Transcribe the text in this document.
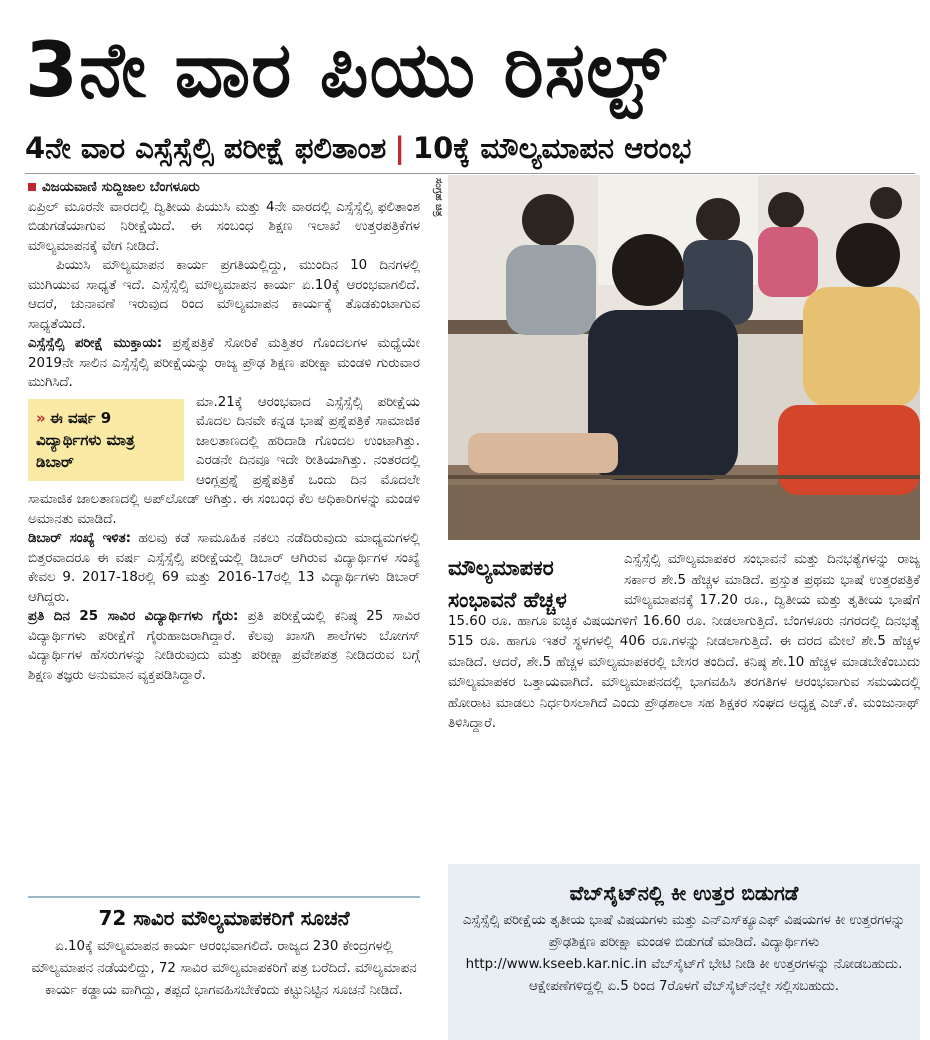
3ನೇ ವಾರ ಪಿಯು ರಿಸಲ್ಟ್
4ನೇ ವಾರ ಎಸ್ಸೆಸ್ಸೆಲ್ಸಿ ಪರೀಕ್ಷೆ ಫಲಿತಾಂಶ | 10ಕ್ಕೆ ಮೌಲ್ಯಮಾಪನ ಆರಂಭ
ವಿಜಯವಾಣಿ ಸುದ್ದಿಜಾಲ ಬೆಂಗಳೂರು

ಏಪ್ರಿಲ್ ಮೂರನೇ ವಾರದಲ್ಲಿ ದ್ವಿತೀಯ ಪಿಯುಸಿ ಮತ್ತು 4ನೇ ವಾರದಲ್ಲಿ ಎಸ್ಸೆಸ್ಸೆಲ್ಸಿ ಫಲಿತಾಂಶ ಬಿಡುಗಡೆಯಾಗುವ ನಿರೀಕ್ಷೆಯಿದೆ. ಈ ಸಂಬಂಧ ಶಿಕ್ಷಣ ಇಲಾಖೆ ಉತ್ತರಪತ್ರಿಕೆಗಳ ಮೌಲ್ಯಮಾಪನಕ್ಕೆ ವೇಗ ನೀಡಿದೆ.

ಪಿಯುಸಿ ಮೌಲ್ಯಮಾಪನ ಕಾರ್ಯ ಪ್ರಗತಿಯಲ್ಲಿದ್ದು, ಮುಂದಿನ 10 ದಿನಗಳಲ್ಲಿ ಮುಗಿಯುವ ಸಾಧ್ಯತೆ ಇದೆ. ಎಸ್ಸೆಸ್ಸೆಲ್ಸಿ ಮೌಲ್ಯಮಾಪನ ಕಾರ್ಯ ಏ.10ಕ್ಕೆ ಆರಂಭವಾಗಲಿದೆ. ಆದರೆ, ಚುನಾವಣೆ ಇರುವುದ ರಿಂದ ಮೌಲ್ಯಮಾಪನ ಕಾರ್ಯಕ್ಕೆ ತೊಡಕುಂಟಾಗುವ ಸಾಧ್ಯತೆಯಿದೆ.

ಎಸ್ಸೆಸ್ಸೆಲ್ಸಿ ಪರೀಕ್ಷೆ ಮುಕ್ತಾಯ: ಪ್ರಶ್ನೆಪತ್ರಿಕೆ ಸೋರಿಕೆ ಮತ್ತಿತರ ಗೊಂದಲಗಳ ಮಧ್ಯೆಯೇ 2019ನೇ ಸಾಲಿನ ಎಸ್ಸೆಸ್ಸೆಲ್ಸಿ ಪರೀಕ್ಷೆಯನ್ನು ರಾಜ್ಯ ಪ್ರೌಢ ಶಿಕ್ಷಣ ಪರೀಕ್ಷಾ ಮಂಡಳಿ ಗುರುವಾರ ಮುಗಿಸಿದೆ.

» ಈ ವರ್ಷ 9 ವಿದ್ಯಾರ್ಥಿಗಳು ಮಾತ್ರ ಡಿಬಾರ್

ಮಾ.21ಕ್ಕೆ ಆರಂಭವಾದ ಎಸ್ಸೆಸ್ಸೆಲ್ಸಿ ಪರೀಕ್ಷೆಯ ಮೊದಲ ದಿನವೇ ಕನ್ನಡ ಭಾಷೆ ಪ್ರಶ್ನೆಪತ್ರಿಕೆ ಸಾಮಾಜಿಕ ಜಾಲತಾಣದಲ್ಲಿ ಹರಿದಾಡಿ ಗೊಂದಲ ಉಂಟಾಗಿತ್ತು. ಎರಡನೇ ದಿನವೂ ಇದೇ ರೀತಿಯಾಗಿತ್ತು. ನಂತರದಲ್ಲಿ ಆಂಗ್ಲಪ್ರಶ್ನೆ ಪ್ರಶ್ನೆಪತ್ರಿಕೆ ಒಂದು ದಿನ ಮೊದಲೇ ಸಾಮಾಜಿಕ ಜಾಲತಾಣದಲ್ಲಿ ಅಪ್‌ಲೋಡ್ ಆಗಿತ್ತು. ಈ ಸಂಬಂಧ ಕೆಲ ಅಧಿಕಾರಿಗಳನ್ನು ಮಂಡಳಿ ಅಮಾನತು ಮಾಡಿದೆ.

ಡಿಬಾರ್ ಸಂಖ್ಯೆ ಇಳಿತ: ಹಲವು ಕಡೆ ಸಾಮೂಹಿಕ ನಕಲು ನಡೆದಿರುವುದು ಮಾಧ್ಯಮಗಳಲ್ಲಿ ಬಿತ್ತರವಾದರೂ ಈ ವರ್ಷ ಎಸ್ಸೆಸ್ಸೆಲ್ಸಿ ಪರೀಕ್ಷೆಯಲ್ಲಿ ಡಿಬಾರ್ ಆಗಿರುವ ವಿದ್ಯಾರ್ಥಿಗಳ ಸಂಖ್ಯೆ ಕೇವಲ 9. 2017-18ರಲ್ಲಿ 69 ಮತ್ತು 2016-17ರಲ್ಲಿ 13 ವಿದ್ಯಾರ್ಥಿಗಳು ಡಿಬಾರ್ ಆಗಿದ್ದರು.

ಪ್ರತಿ ದಿನ 25 ಸಾವಿರ ವಿದ್ಯಾರ್ಥಿಗಳು ಗೈರು: ಪ್ರತಿ ಪರೀಕ್ಷೆಯಲ್ಲಿ ಕನಿಷ್ಠ 25 ಸಾವಿರ ವಿದ್ಯಾರ್ಥಿಗಳು ಪರೀಕ್ಷೆಗೆ ಗೈರುಹಾಜರಾಗಿದ್ದಾರೆ. ಕೆಲವು ಖಾಸಗಿ ಶಾಲೆಗಳು ಬೋಗಸ್ ವಿದ್ಯಾರ್ಥಿಗಳ ಹೆಸರುಗಳನ್ನು ನೀಡಿರುವುದು ಮತ್ತು ಪರೀಕ್ಷಾ ಪ್ರವೇಶಪತ್ರ ನೀಡಿದರುವ ಬಗ್ಗೆ ಶಿಕ್ಷಣ ತಜ್ಞರು ಅನುಮಾನ ವ್ಯಕ್ತಪಡಿಸಿದ್ದಾರೆ.

ಸಂಗ್ರಹ ಚಿತ್ರ

ಎಸ್ಸೆಸ್ಸೆಲ್ಸಿ ಮೌಲ್ಯಮಾಪಕರ ಸಂಭಾವನೆ ಮತ್ತು ದಿನಭತ್ಯೆಗಳನ್ನು ರಾಜ್ಯ ಸರ್ಕಾರ ಶೇ.5 ಹೆಚ್ಚಳ ಮಾಡಿದೆ. ಪ್ರಸ್ತುತ ಪ್ರಥಮ ಭಾಷೆ ಉತ್ತರಪತ್ರಿಕೆ ಮೌಲ್ಯಮಾಪನಕ್ಕೆ 17.20 ರೂ., ದ್ವಿತೀಯ ಮತ್ತು ತೃತೀಯ ಭಾಷೆಗೆ 15.60 ರೂ. ಹಾಗೂ ಐಚ್ಛಿಕ ವಿಷಯಗಳಿಗೆ 16.60 ರೂ. ನೀಡಲಾಗುತ್ತಿದೆ. ಬೆಂಗಳೂರು ನಗರದಲ್ಲಿ ದಿನಭತ್ಯೆ 515 ರೂ. ಹಾಗೂ ಇತರೆ ಸ್ಥಳಗಳಲ್ಲಿ 406 ರೂ.ಗಳನ್ನು ನೀಡಲಾಗುತ್ತಿದೆ. ಈ ದರದ ಮೇಲೆ ಶೇ.5 ಹೆಚ್ಚಳ ಮಾಡಿದೆ. ಆದರೆ, ಶೇ.5 ಹೆಚ್ಚಳ ಮೌಲ್ಯಮಾಪಕರಲ್ಲಿ ಬೇಸರ ತಂದಿದೆ. ಕನಿಷ್ಠ ಶೇ.10 ಹೆಚ್ಚಳ ಮಾಡಬೇಕೆಂಬುದು ಮೌಲ್ಯಮಾಪಕರ ಒತ್ತಾಯವಾಗಿದೆ. ಮೌಲ್ಯಮಾಪನದಲ್ಲಿ ಭಾಗವಹಿಸಿ ತರಗತಿಗಳ ಆರಂಭವಾಗುವ ಸಮಯದಲ್ಲಿ ಹೋರಾಟ ಮಾಡಲು ನಿರ್ಧರಿಸಲಾಗಿದೆ ಎಂದು ಪ್ರೌಢಶಾಲಾ ಸಹ ಶಿಕ್ಷಕರ ಸಂಘದ ಅಧ್ಯಕ್ಷ ಎಚ್.ಕೆ. ಮಂಜುನಾಥ್ ತಿಳಿಸಿದ್ದಾರೆ.

ಮೌಲ್ಯಮಾಪಕರ ಸಂಭಾವನೆ ಹೆಚ್ಚಳ
72 ಸಾವಿರ ಮೌಲ್ಯಮಾಪಕರಿಗೆ ಸೂಚನೆ

ಏ.10ಕ್ಕೆ ಮೌಲ್ಯಮಾಪನ ಕಾರ್ಯ ಆರಂಭವಾಗಲಿದೆ. ರಾಜ್ಯದ 230 ಕೇಂದ್ರಗಳಲ್ಲಿ ಮೌಲ್ಯಮಾಪನ ನಡೆಯಲಿದ್ದು, 72 ಸಾವಿರ ಮೌಲ್ಯಮಾಪಕರಿಗೆ ಪತ್ರ ಬರೆದಿದೆ. ಮೌಲ್ಯಮಾಪನ ಕಾರ್ಯ ಕಡ್ಡಾಯ ವಾಗಿದ್ದು, ತಪ್ಪದೆ ಭಾಗವಹಿಸಬೇಕೆಂದು ಕಟ್ಟುನಿಟ್ಟಿನ ಸೂಚನೆ ನೀಡಿದೆ.

ವೆಬ್‌ಸೈಟ್‌ನಲ್ಲಿ ಕೀ ಉತ್ತರ ಬಿಡುಗಡೆ

ಎಸ್ಸೆಸ್ಸೆಲ್ಸಿ ಪರೀಕ್ಷೆಯ ತೃತೀಯ ಭಾಷೆ ವಿಷಯಗಳು ಮತ್ತು ಎನ್‌ಎಸ್‌ಕ್ಯೂಎಫ್ ವಿಷಯಗಳ ಕೀ ಉತ್ತರಗಳನ್ನು ಪ್ರೌಢಶಿಕ್ಷಣ ಪರೀಕ್ಷಾ ಮಂಡಳಿ ಬಿಡುಗಡೆ ಮಾಡಿದೆ. ವಿದ್ಯಾರ್ಥಿಗಳು http://www.kseeb.kar.nic.in ವೆಬ್‌ಸೈಟ್‌ಗೆ ಭೇಟಿ ನೀಡಿ ಕೀ ಉತ್ತರಗಳನ್ನು ನೋಡಬಹುದು. ಆಕ್ಷೇಪಣೆಗಳಿದ್ದಲ್ಲಿ ಏ.5 ರಿಂದ 7ರೊಳಗೆ ವೆಬ್‌ಸೈಟ್‌ನಲ್ಲೇ ಸಲ್ಲಿಸಬಹುದು.
